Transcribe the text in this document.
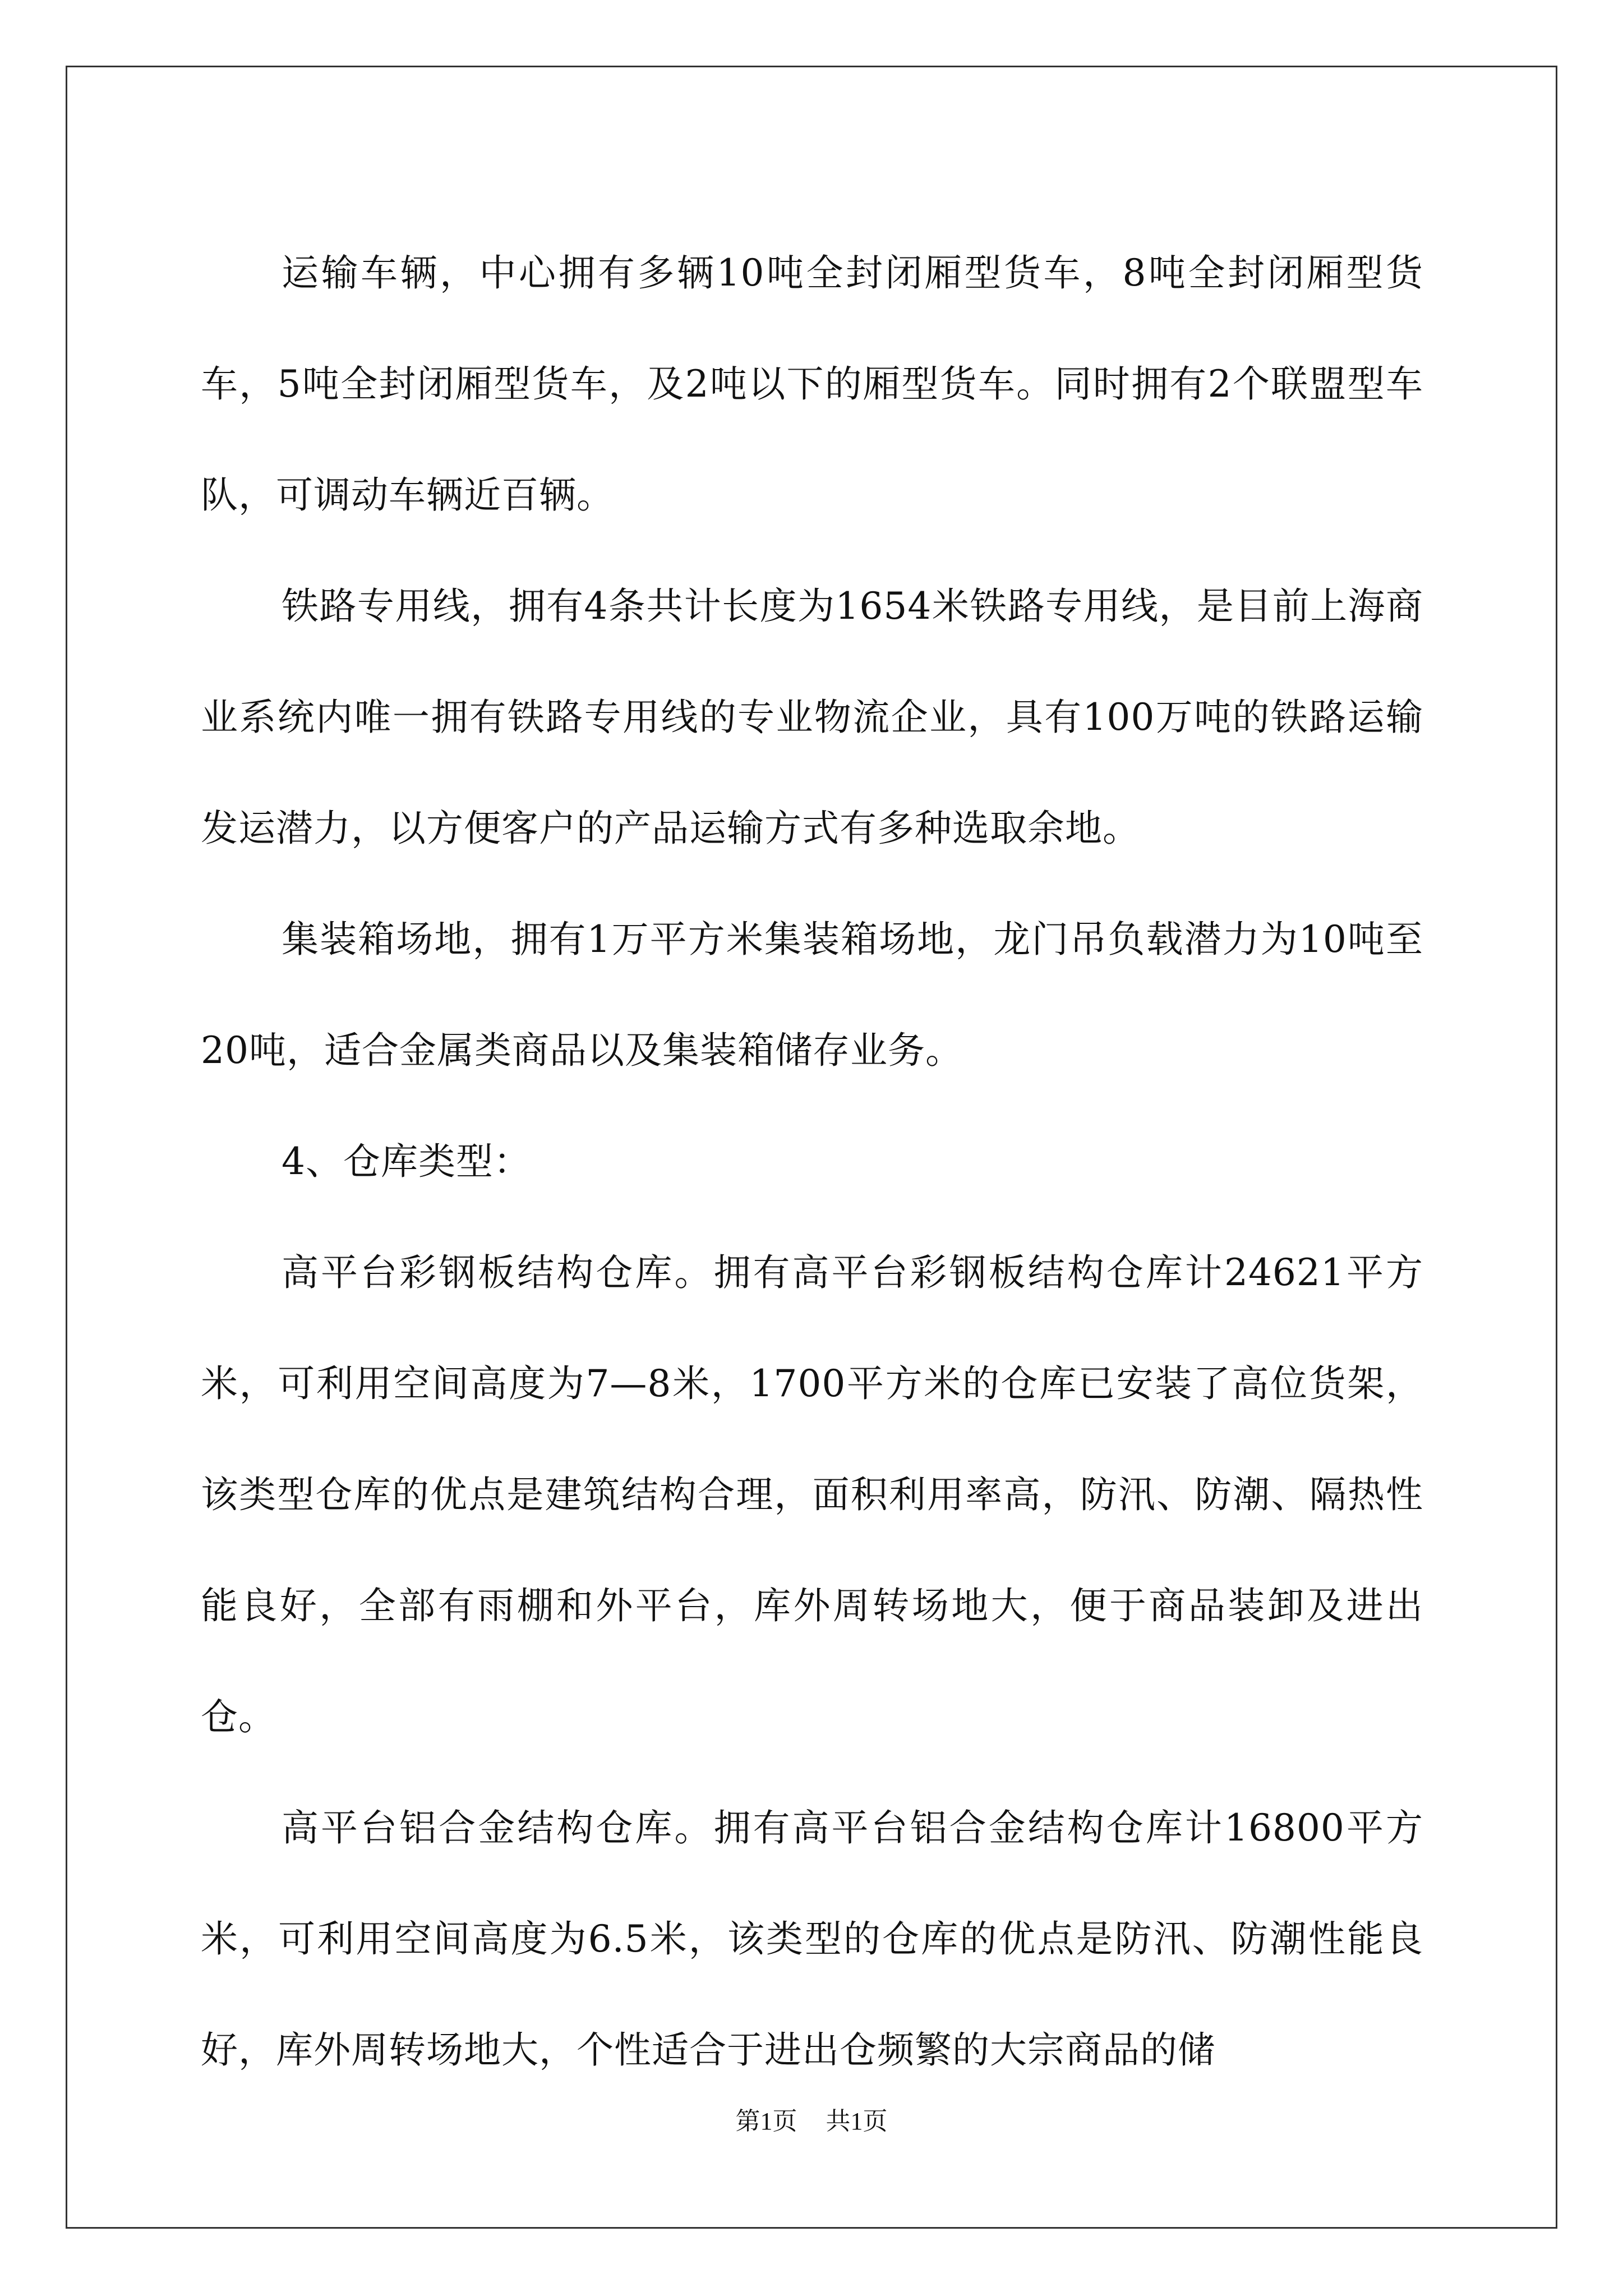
运输车辆，中心拥有多辆10吨全封闭厢型货车，8吨全封闭厢型货车，5吨全封闭厢型货车，及2吨以下的厢型货车。同时拥有2个联盟型车队，可调动车辆近百辆。

铁路专用线，拥有4条共计长度为1654米铁路专用线，是目前上海商业系统内唯一拥有铁路专用线的专业物流企业，具有100万吨的铁路运输发运潜力，以方便客户的产品运输方式有多种选取余地。

集装箱场地，拥有1万平方米集装箱场地，龙门吊负载潜力为10吨至20吨，适合金属类商品以及集装箱储存业务。

4、仓库类型：

高平台彩钢板结构仓库。拥有高平台彩钢板结构仓库计24621平方米，可利用空间高度为7—8米，1700平方米的仓库已安装了高位货架，该类型仓库的优点是建筑结构合理，面积利用率高，防汛、防潮、隔热性能良好，全部有雨棚和外平台，库外周转场地大，便于商品装卸及进出仓。

高平台铝合金结构仓库。拥有高平台铝合金结构仓库计16800平方米，可利用空间高度为6.5米，该类型的仓库的优点是防汛、防潮性能良好，库外周转场地大，个性适合于进出仓频繁的大宗商品的储

第1页 共1页
